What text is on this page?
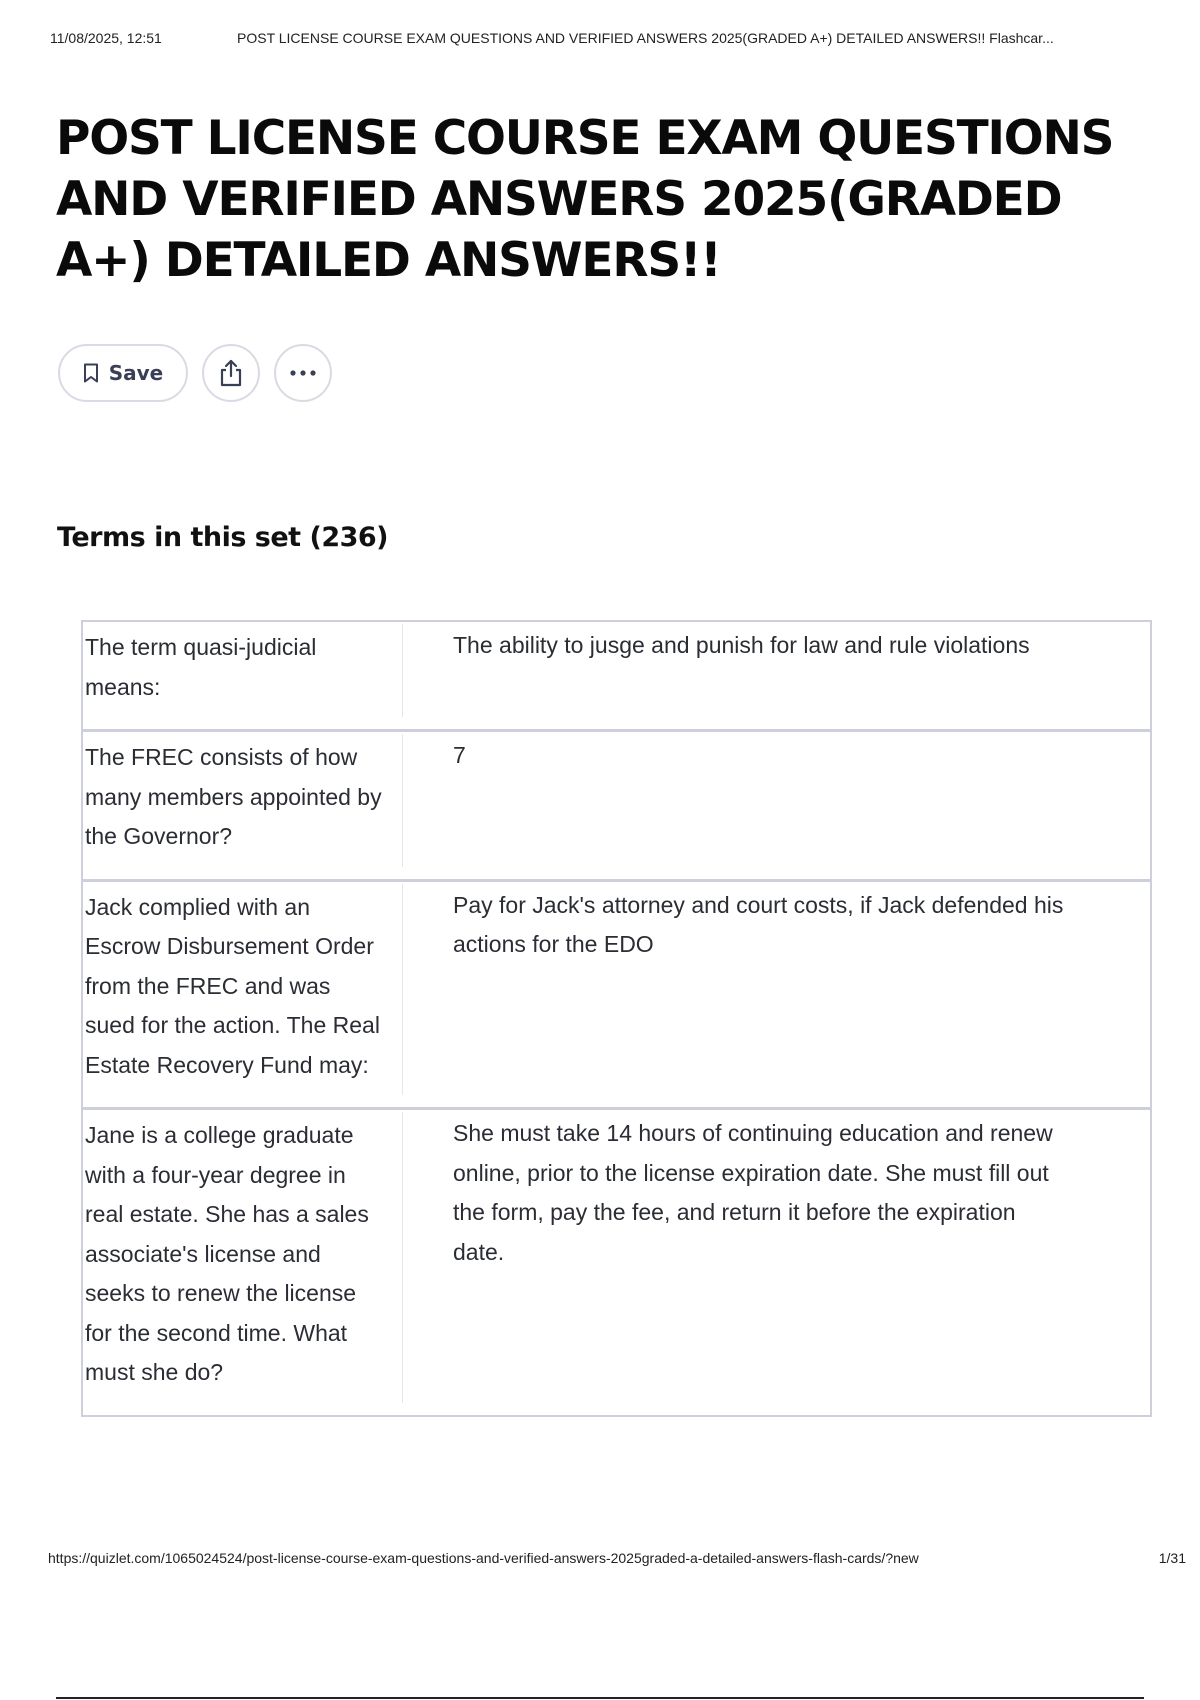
11/08/2025, 12:51	POST LICENSE COURSE EXAM QUESTIONS AND VERIFIED ANSWERS 2025(GRADED A+) DETAILED ANSWERS!! Flashcar...
POST LICENSE COURSE EXAM QUESTIONS AND VERIFIED ANSWERS 2025(GRADED A+) DETAILED ANSWERS!!
Save
Terms in this set (236)
The term quasi-judicial means:
The ability to jusge and punish for law and rule violations
The FREC consists of how many members appointed by the Governor?
7
Jack complied with an Escrow Disbursement Order from the FREC and was sued for the action. The Real Estate Recovery Fund may:
Pay for Jack's attorney and court costs, if Jack defended his actions for the EDO
Jane is a college graduate with a four-year degree in real estate. She has a sales associate's license and seeks to renew the license for the second time. What must she do?
She must take 14 hours of continuing education and renew online, prior to the license expiration date. She must fill out the form, pay the fee, and return it before the expiration date.
https://quizlet.com/1065024524/post-license-course-exam-questions-and-verified-answers-2025graded-a-detailed-answers-flash-cards/?new	1/31
